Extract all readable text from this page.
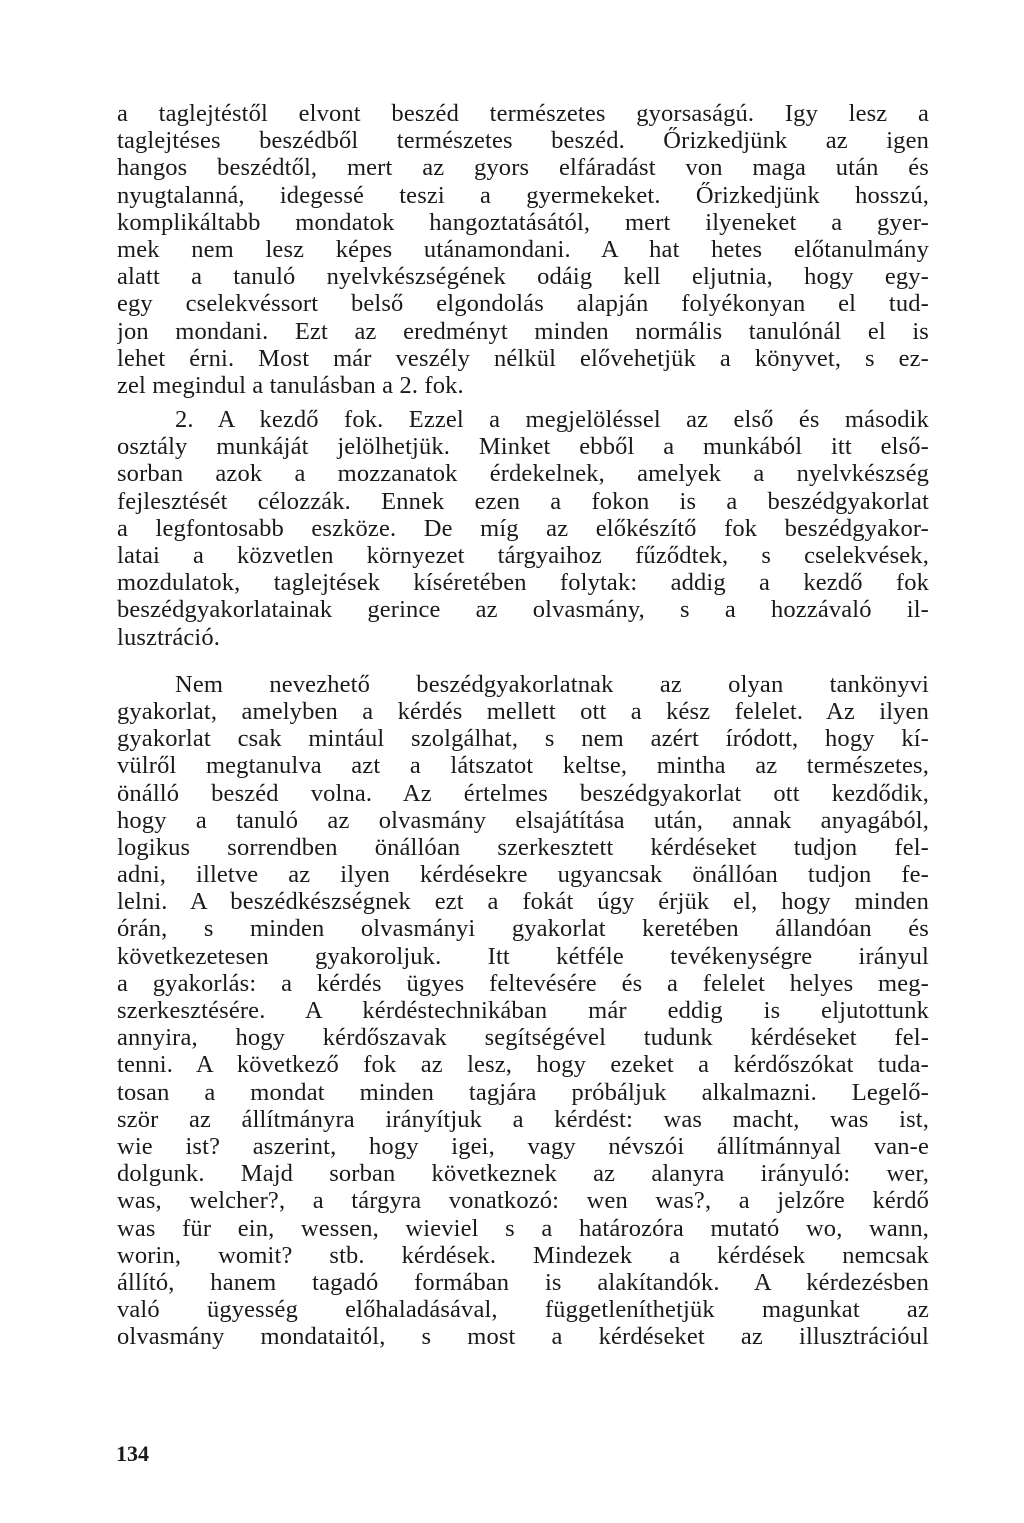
a taglejtéstől elvont beszéd természetes gyorsaságú. Igy lesz a
taglejtéses beszédből természetes beszéd. Őrizkedjünk az igen
hangos beszédtől, mert az gyors elfáradást von maga után és
nyugtalanná, idegessé teszi a gyermekeket. Őrizkedjünk hosszú,
komplikáltabb mondatok hangoztatásától, mert ilyeneket a gyer-
mek nem lesz képes utánamondani. A hat hetes előtanulmány
alatt a tanuló nyelvkészségének odáig kell eljutnia, hogy egy-
egy cselekvéssort belső elgondolás alapján folyékonyan el tud-
jon mondani. Ezt az eredményt minden normális tanulónál el is
lehet érni. Most már veszély nélkül elővehetjük a könyvet, s ez-
zel megindul a tanulásban a 2. fok.
2. A kezdő fok. Ezzel a megjelöléssel az első és második
osztály munkáját jelölhetjük. Minket ebből a munkából itt első-
sorban azok a mozzanatok érdekelnek, amelyek a nyelvkészség
fejlesztését célozzák. Ennek ezen a fokon is a beszédgyakorlat
a legfontosabb eszköze. De míg az előkészítő fok beszédgyakor-
latai a közvetlen környezet tárgyaihoz fűződtek, s cselekvések,
mozdulatok, taglejtések kíséretében folytak: addig a kezdő fok
beszédgyakorlatainak gerince az olvasmány, s a hozzávaló il-
lusztráció.
Nem nevezhető beszédgyakorlatnak az olyan tankönyvi
gyakorlat, amelyben a kérdés mellett ott a kész felelet. Az ilyen
gyakorlat csak mintául szolgálhat, s nem azért íródott, hogy kí-
vülről megtanulva azt a látszatot keltse, mintha az természetes,
önálló beszéd volna. Az értelmes beszédgyakorlat ott kezdődik,
hogy a tanuló az olvasmány elsajátítása után, annak anyagából,
logikus sorrendben önállóan szerkesztett kérdéseket tudjon fel-
adni, illetve az ilyen kérdésekre ugyancsak önállóan tudjon fe-
lelni. A beszédkészségnek ezt a fokát úgy érjük el, hogy minden
órán, s minden olvasmányi gyakorlat keretében állandóan és
következetesen gyakoroljuk. Itt kétféle tevékenységre irányul
a gyakorlás: a kérdés ügyes feltevésére és a felelet helyes meg-
szerkesztésére. A kérdéstechnikában már eddig is eljutottunk
annyira, hogy kérdőszavak segítségével tudunk kérdéseket fel-
tenni. A következő fok az lesz, hogy ezeket a kérdőszókat tuda-
tosan a mondat minden tagjára próbáljuk alkalmazni. Legelő-
ször az állítmányra irányítjuk a kérdést: was macht, was ist,
wie ist? aszerint, hogy igei, vagy névszói állítmánnyal van-e
dolgunk. Majd sorban következnek az alanyra irányuló: wer,
was, welcher?, a tárgyra vonatkozó: wen was?, a jelzőre kérdő
was für ein, wessen, wieviel s a határozóra mutató wo, wann,
worin, womit? stb. kérdések. Mindezek a kérdések nemcsak
állító, hanem tagadó formában is alakítandók. A kérdezésben
való ügyesség előhaladásával, függetleníthetjük magunkat az
olvasmány mondataitól, s most a kérdéseket az illusztrációul
134
